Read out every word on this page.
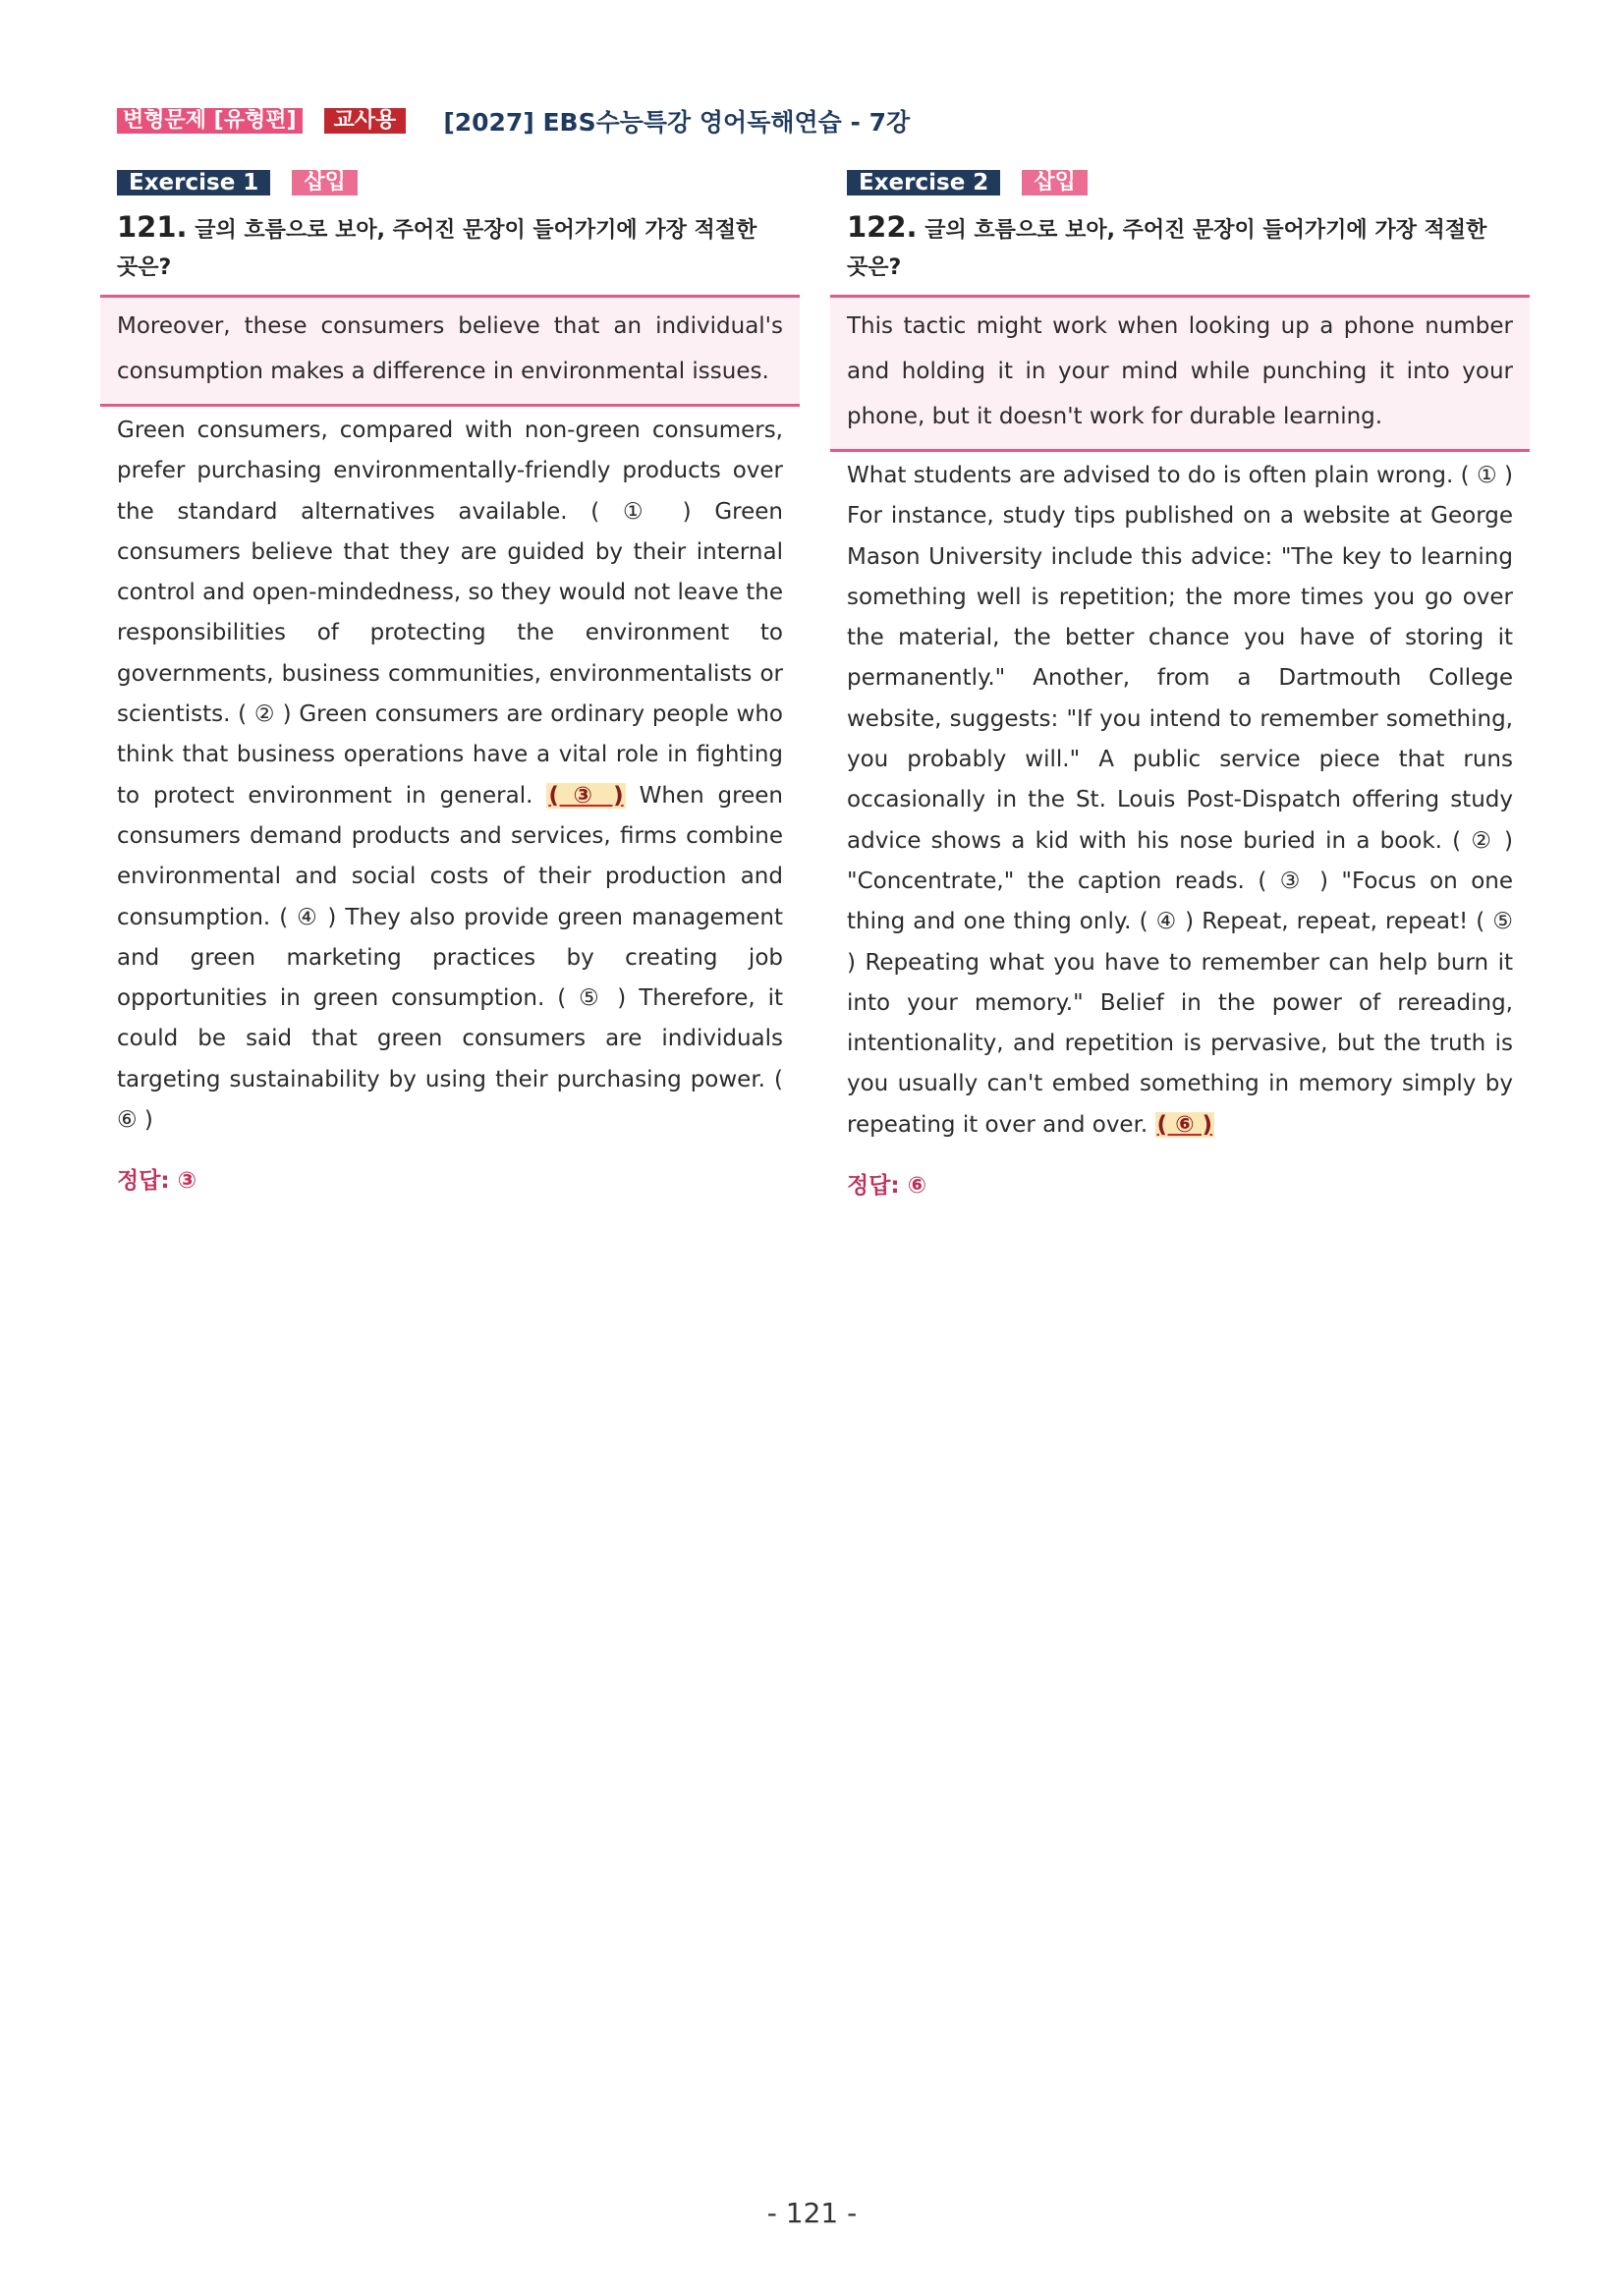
변형문제 [유형편]	교사용	[2027] EBS수능특강 영어독해연습 - 7강
Exercise 1	삽입
121. 글의 흐름으로 보아, 주어진 문장이 들어가기에 가장 적절한 곳은?
Moreover, these consumers believe that an individual's consumption makes a difference in environmental issues.
Green consumers, compared with non-green consumers, prefer purchasing environmentally-friendly products over the standard alternatives available. ( ① ) Green consumers believe that they are guided by their internal control and open-mindedness, so they would not leave the responsibilities of protecting the environment to governments, business communities, environmentalists or scientists. ( ② ) Green consumers are ordinary people who think that business operations have a vital role in fighting to protect environment in general. ( ③ ) When green consumers demand products and services, firms combine environmental and social costs of their production and consumption. ( ④ ) They also provide green management and green marketing practices by creating job opportunities in green consumption. ( ⑤ ) Therefore, it could be said that green consumers are individuals targeting sustainability by using their purchasing power. ( ⑥ )
정답: ③
Exercise 2	삽입
122. 글의 흐름으로 보아, 주어진 문장이 들어가기에 가장 적절한 곳은?
This tactic might work when looking up a phone number and holding it in your mind while punching it into your phone, but it doesn't work for durable learning.
What students are advised to do is often plain wrong. ( ① ) For instance, study tips published on a website at George Mason University include this advice: "The key to learning something well is repetition; the more times you go over the material, the better chance you have of storing it permanently." Another, from a Dartmouth College website, suggests: "If you intend to remember something, you probably will." A public service piece that runs occasionally in the St. Louis Post-Dispatch offering study advice shows a kid with his nose buried in a book. ( ② ) "Concentrate," the caption reads. ( ③ ) "Focus on one thing and one thing only. ( ④ ) Repeat, repeat, repeat! ( ⑤ ) Repeating what you have to remember can help burn it into your memory." Belief in the power of rereading, intentionality, and repetition is pervasive, but the truth is you usually can't embed something in memory simply by repeating it over and over. ( ⑥ )
정답: ⑥
- 121 -
